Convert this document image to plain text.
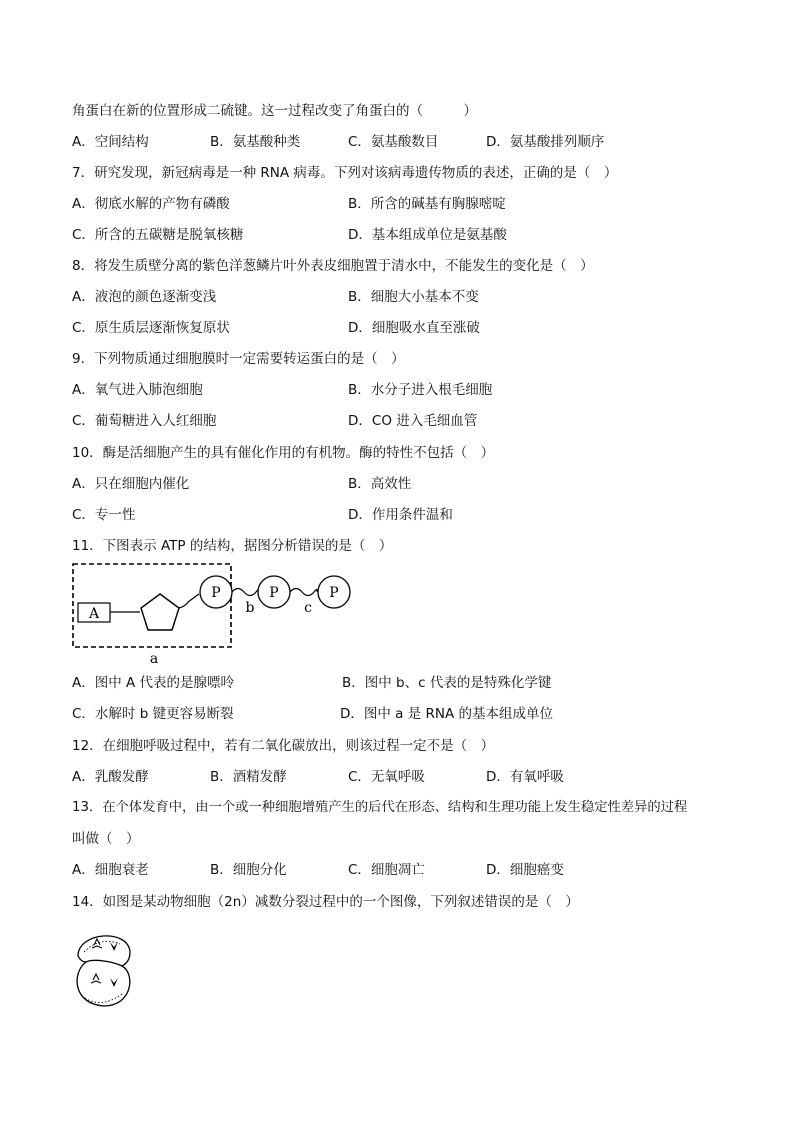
角蛋白在新的位置形成二硫键。这一过程改变了角蛋白的（　　　）
A．空间结构	B．氨基酸种类	C．氨基酸数目	D．氨基酸排列顺序
7．研究发现，新冠病毒是一种 RNA 病毒。下列对该病毒遗传物质的表述，正确的是（　）
A．彻底水解的产物有磷酸	B．所含的碱基有胸腺嘧啶
C．所含的五碳糖是脱氧核糖	D．基本组成单位是氨基酸
8．将发生质壁分离的紫色洋葱鳞片叶外表皮细胞置于清水中，不能发生的变化是（　）
A．液泡的颜色逐渐变浅	B．细胞大小基本不变
C．原生质层逐渐恢复原状	D．细胞吸水直至涨破
9．下列物质通过细胞膜时一定需要转运蛋白的是（　）
A．氧气进入肺泡细胞	B．水分子进入根毛细胞
C．葡萄糖进入人红细胞	D．CO 进入毛细血管
10．酶是活细胞产生的具有催化作用的有机物。酶的特性不包括（　）
A．只在细胞内催化	B．高效性
C．专一性	D．作用条件温和
11．下图表示 ATP 的结构，据图分析错误的是（　）
A
P
b
P
c
P
a
A．图中 A 代表的是腺嘌呤	B．图中 b、c 代表的是特殊化学键
C．水解时 b 键更容易断裂	D．图中 a 是 RNA 的基本组成单位
12．在细胞呼吸过程中，若有二氧化碳放出，则该过程一定不是（　）
A．乳酸发酵	B．酒精发酵	C．无氧呼吸	D．有氧呼吸
13．在个体发育中，由一个或一种细胞增殖产生的后代在形态、结构和生理功能上发生稳定性差异的过程
叫做（　）
A．细胞衰老	B．细胞分化	C．细胞凋亡	D．细胞癌变
14．如图是某动物细胞（2n）减数分裂过程中的一个图像，下列叙述错误的是（　）
